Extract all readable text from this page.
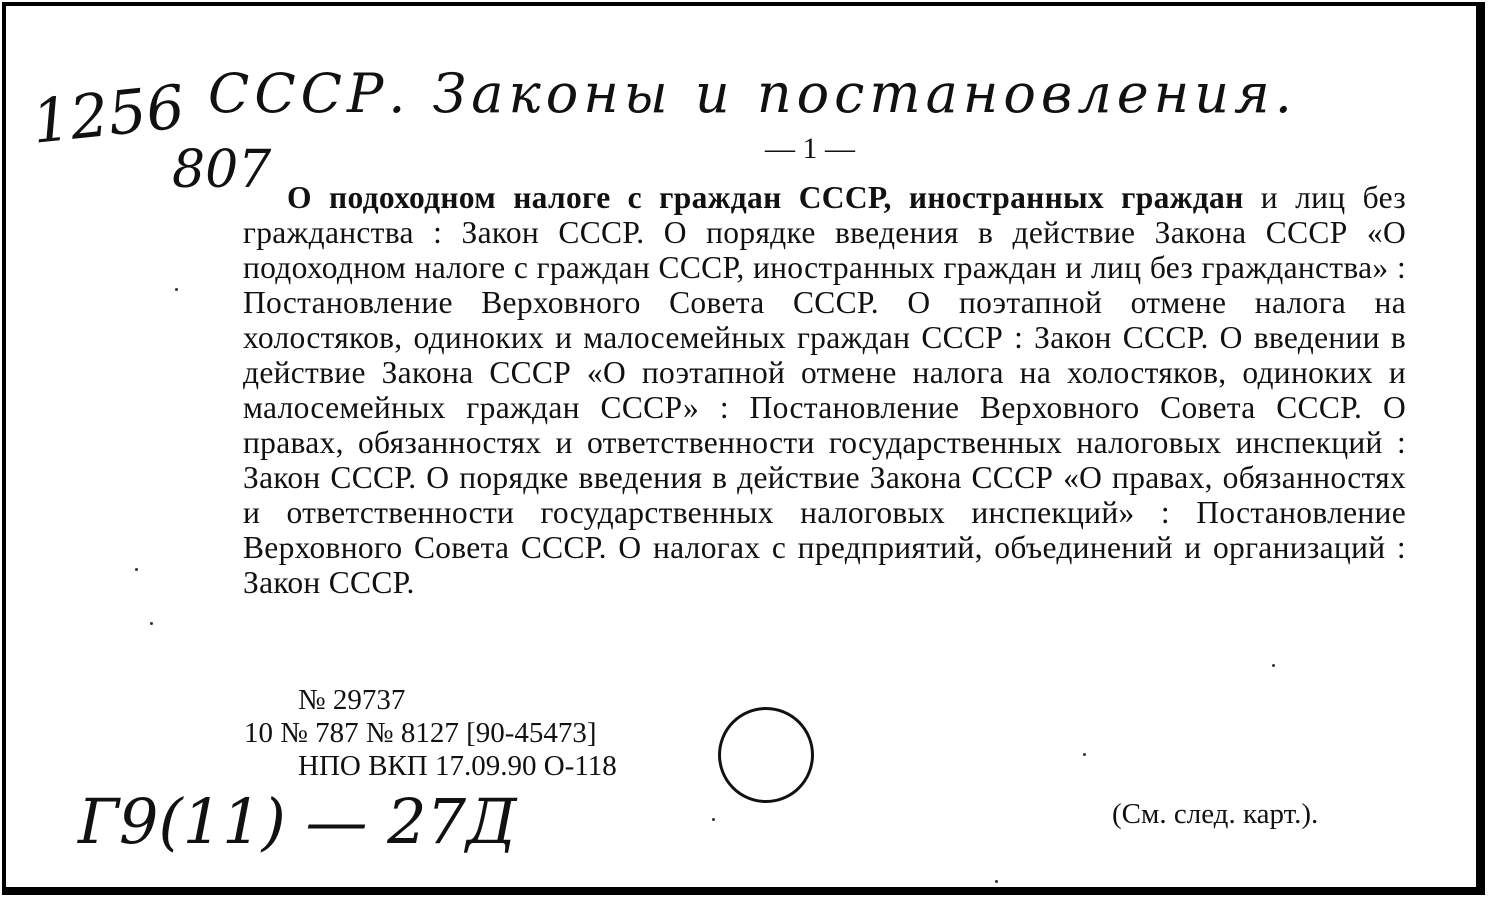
1256
807
СССР. Законы и постановления.
Г9(11) — 27Д
— 1 —
О подоходном налоге с граждан СССР, иностранных граждан и лиц без гражданства : Закон СССР. О порядке введения в действие Закона СССР «О подоходном налоге с граждан СССР, иностранных граждан и лиц без гражданства» : Постановление Верховного Совета СССР. О поэтапной отмене налога на холостяков, одиноких и малосемейных граждан СССР : Закон СССР. О введении в действие Закона СССР «О поэтапной отмене налога на холостяков, одиноких и малосемейных граждан СССР» : Постановление Верховного Совета СССР. О правах, обязанностях и ответственности государственных налоговых инспекций : Закон СССР. О порядке введения в действие Закона СССР «О правах, обязанностях и ответственности государственных налоговых инспекций» : Постановление Верховного Совета СССР. О налогах с предприятий, объединений и организаций : Закон СССР.
№ 29737
10 № 787 № 8127 [90-45473]
НПО ВКП 17.09.90 О-118
(См. след. карт.).
